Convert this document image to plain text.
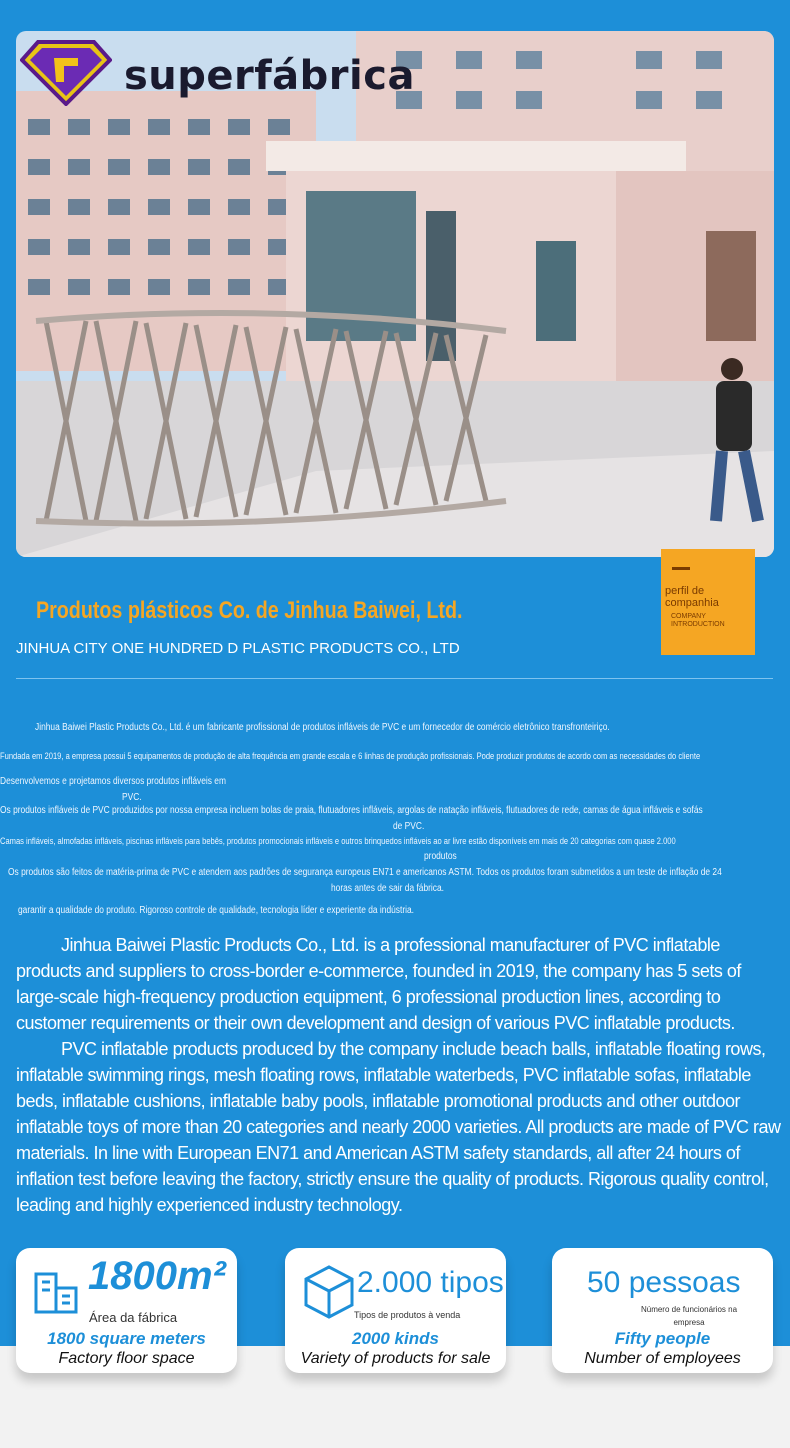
superfábrica
perfil de companhia
COMPANY INTRODUCTION
Produtos plásticos Co. de Jinhua Baiwei, Ltd.
JINHUA CITY ONE HUNDRED D PLASTIC PRODUCTS CO., LTD
Jinhua Baiwei Plastic Products Co., Ltd. é um fabricante profissional de produtos infláveis ​​de PVC e um fornecedor de comércio eletrônico transfronteiriço.
Fundada em 2019, a empresa possui 5 equipamentos de produção de alta frequência em grande escala e 6 linhas de produção profissionais. Pode produzir produtos de acordo com as necessidades do cliente
Desenvolvemos e projetamos diversos produtos infláveis ​​em
PVC.
Os produtos infláveis ​​de PVC produzidos por nossa empresa incluem bolas de praia, flutuadores infláveis, argolas de natação infláveis, flutuadores de rede, camas de água infláveis ​​e sofás
​​de PVC.
Camas infláveis, almofadas infláveis, piscinas infláveis ​​para bebês, produtos promocionais infláveis ​​e outros brinquedos infláveis ​​ao ar livre estão disponíveis em mais de 20 categorias com quase 2.000
produtos
Os produtos são feitos de matéria-prima de PVC e atendem aos padrões de segurança europeus EN71 e americanos ASTM. Todos os produtos foram submetidos a um teste de inflação de 24
horas antes de sair da fábrica.
garantir a qualidade do produto. Rigoroso controle de qualidade, tecnologia líder e experiente da indústria.

Jinhua Baiwei Plastic Products Co., Ltd. is a professional manufacturer of PVC inflatable products and suppliers to cross-border e-commerce, founded in 2019, the company has 5 sets of large-scale high-frequency production equipment, 6 professional production lines, according to customer requirements or their own development and design of various PVC inflatable products.

PVC inflatable products produced by the company include beach balls, inflatable floating rows, inflatable swimming rings, mesh floating rows, inflatable waterbeds, PVC inflatable sofas, inflatable beds, inflatable cushions, inflatable baby pools, inflatable promotional products and other outdoor inflatable toys of more than 20 categories and nearly 2000 varieties. All products are made of PVC raw materials. In line with European EN71 and American ASTM safety standards, all after 24 hours of inflation test before leaving the factory, strictly ensure the quality of products. Rigorous quality control, leading and highly experienced industry technology.

1800m²
Área da fábrica
1800 square meters
Factory floor space
2.000 tipos
Tipos de produtos à venda
2000 kinds
Variety of products for sale
50 pessoas
Número de funcionários na empresa
Fifty people
Number of employees
